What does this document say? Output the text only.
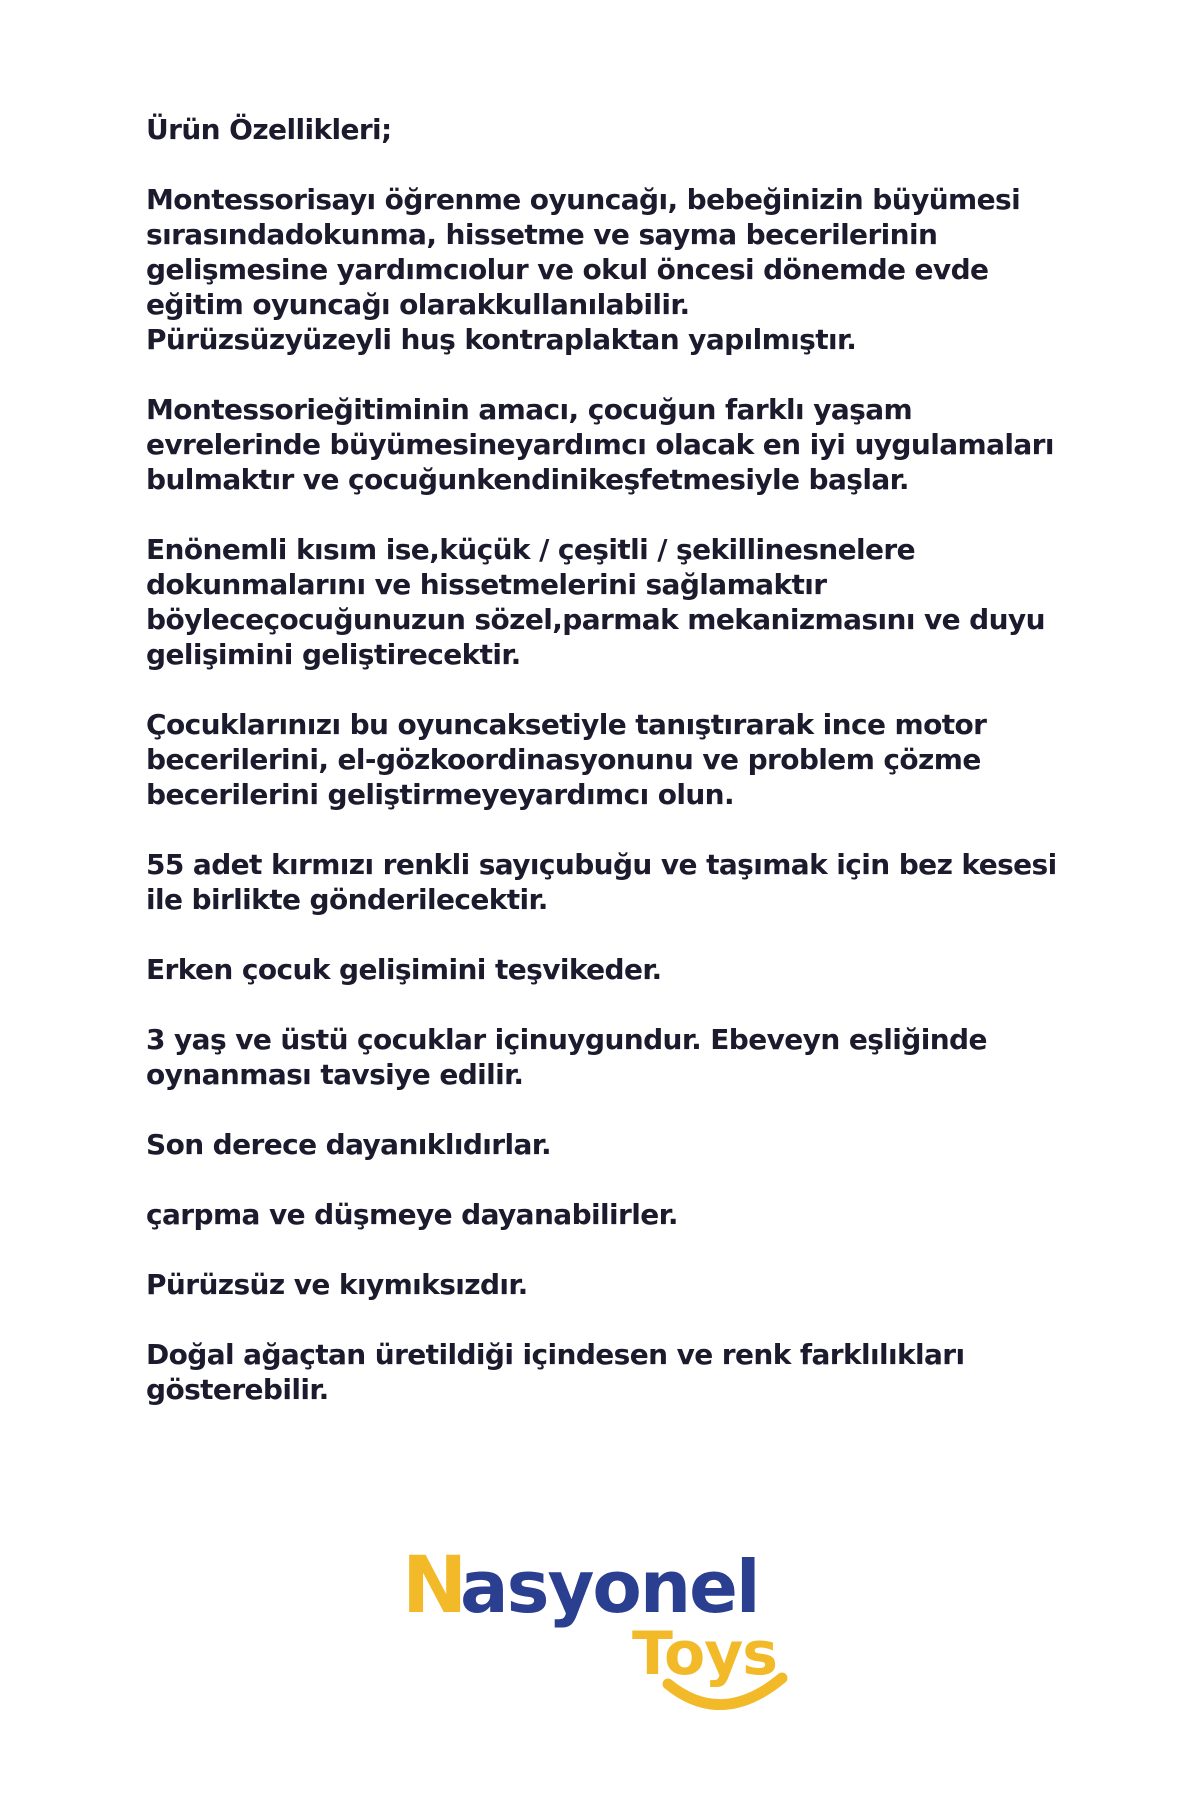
Ürün Özellikleri;
Montessorisayı öğrenme oyuncağı, bebeğinizin büyümesi
sırasındadokunma, hissetme ve sayma becerilerinin
gelişmesine yardımcıolur ve okul öncesi dönemde evde
eğitim oyuncağı olarakkullanılabilir.
Pürüzsüzyüzeyli huş kontraplaktan yapılmıştır.
Montessorieğitiminin amacı, çocuğun farklı yaşam
evrelerinde büyümesineyardımcı olacak en iyi uygulamaları
bulmaktır ve çocuğunkendinikeşfetmesiyle başlar.
Enönemli kısım ise,küçük / çeşitli / şekillinesnelere
dokunmalarını ve hissetmelerini sağlamaktır
böyleceçocuğunuzun sözel,parmak mekanizmasını ve duyu
gelişimini geliştirecektir.
Çocuklarınızı bu oyuncaksetiyle tanıştırarak ince motor
becerilerini, el-gözkoordinasyonunu ve problem çözme
becerilerini geliştirmeyeyardımcı olun.
55 adet kırmızı renkli sayıçubuğu ve taşımak için bez kesesi
ile birlikte gönderilecektir.
Erken çocuk gelişimini teşvikeder.
3 yaş ve üstü çocuklar içinuygundur. Ebeveyn eşliğinde
oynanması tavsiye edilir.
Son derece dayanıklıdırlar.
çarpma ve düşmeye dayanabilirler.
Pürüzsüz ve kıymıksızdır.
Doğal ağaçtan üretildiği içindesen ve renk farklılıkları
gösterebilir.
N
asyonel
Toys
